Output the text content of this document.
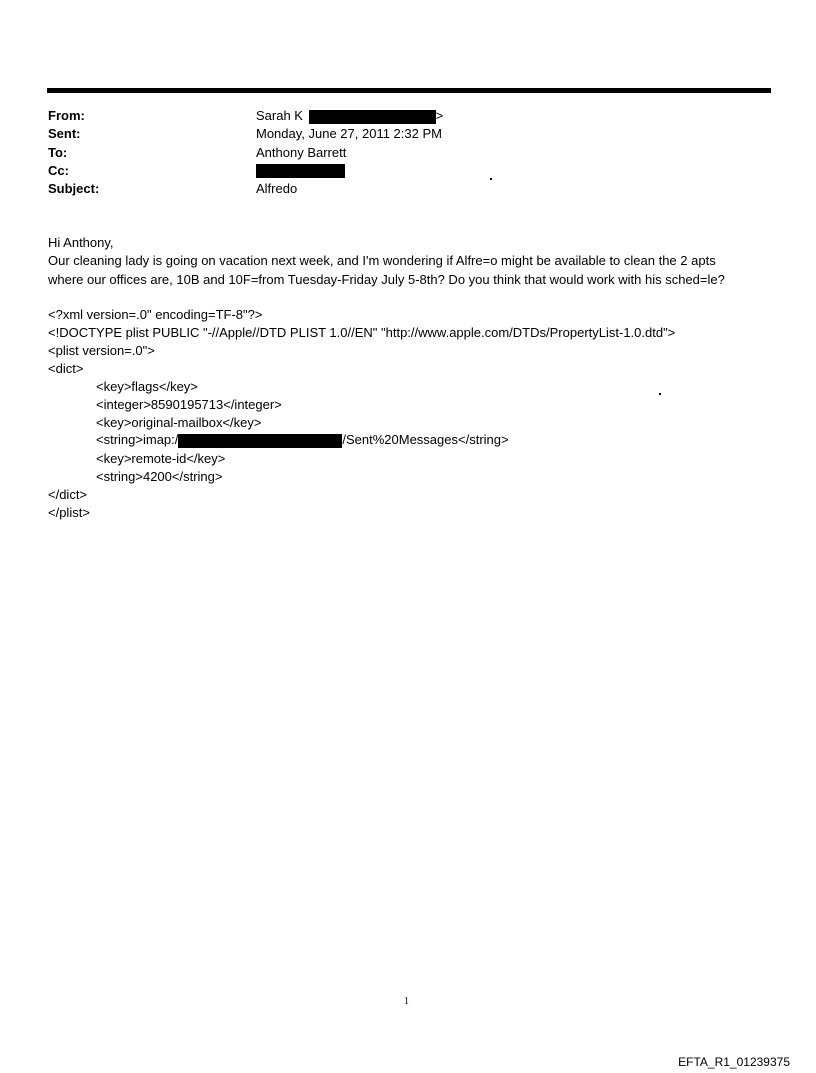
From:	Sarah K	>
Sent:	Monday, June 27, 2011 2:32 PM
To:	Anthony Barrett
Cc:
Subject:	Alfredo
Hi Anthony,
Our cleaning lady is going on vacation next week, and I'm wondering if Alfre=o might be available to clean the 2 apts
where our offices are, 10B and 10F=from Tuesday-Friday July 5-8th? Do you think that would work with his sched=le?
<?xml version=.0" encoding=TF-8"?>
<!DOCTYPE plist PUBLIC "-//Apple//DTD PLIST 1.0//EN" "http://www.apple.com/DTDs/PropertyList-1.0.dtd">
<plist version=.0">
<dict>
<key>flags</key>
<integer>8590195713</integer>
<key>original-mailbox</key>
<string>imap:/	/Sent%20Messages</string>
<key>remote-id</key>
<string>4200</string>
</dict>
</plist>
1
EFTA_R1_01239375
